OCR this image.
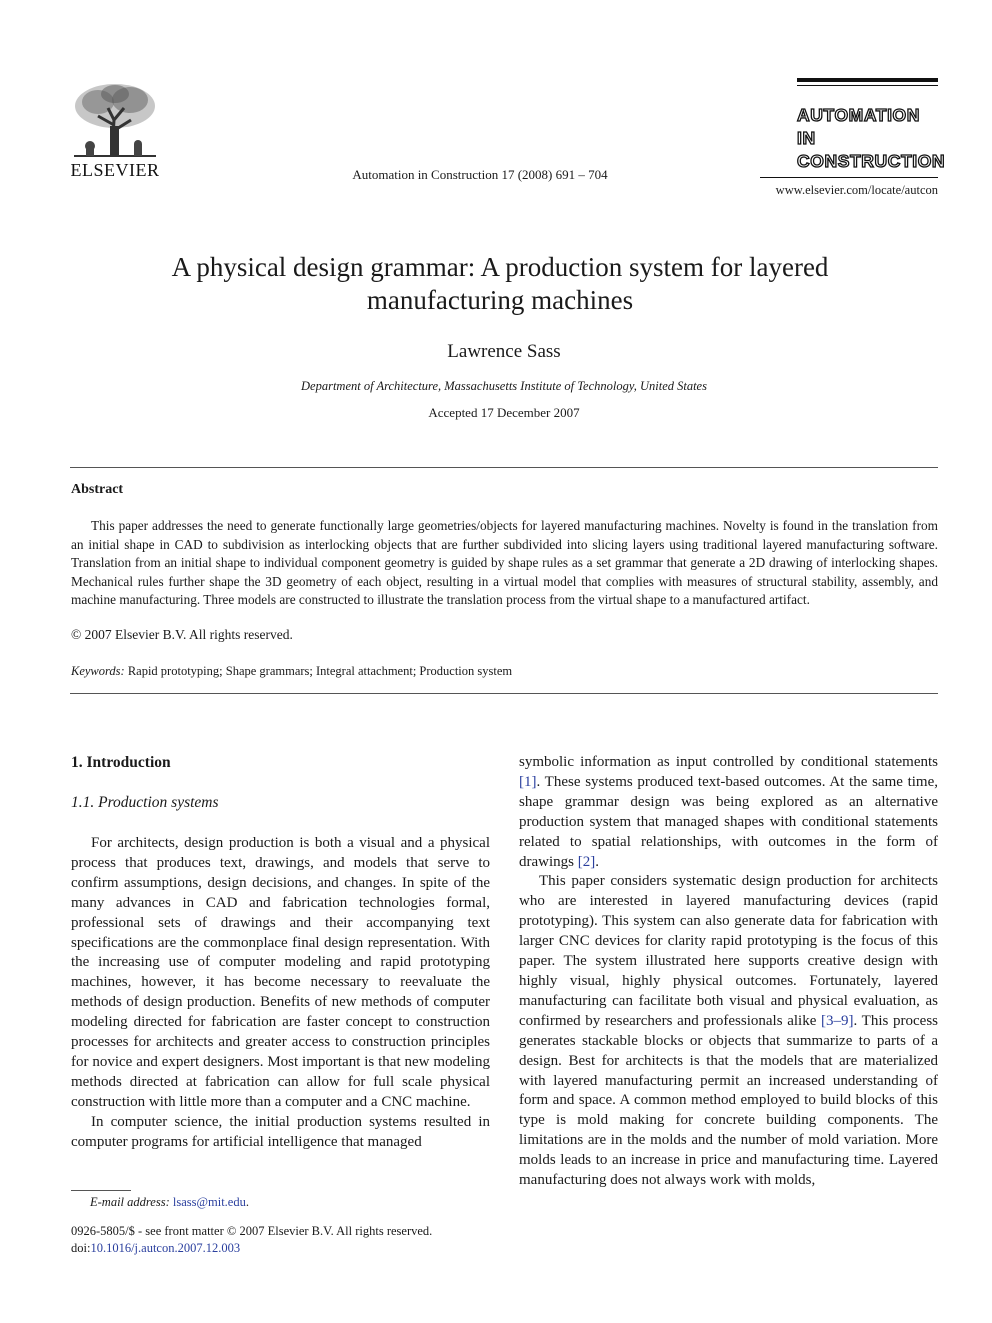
ELSEVIER	Automation in Construction 17 (2008) 691 – 704
AUTOMATION IN
CONSTRUCTION
www.elsevier.com/locate/autcon
A physical design grammar: A production system for layered manufacturing machines
Lawrence Sass
Department of Architecture, Massachusetts Institute of Technology, United States
Accepted 17 December 2007
Abstract
This paper addresses the need to generate functionally large geometries/objects for layered manufacturing machines. Novelty is found in the translation from an initial shape in CAD to subdivision as interlocking objects that are further subdivided into slicing layers using traditional layered manufacturing software. Translation from an initial shape to individual component geometry is guided by shape rules as a set grammar that generate a 2D drawing of interlocking shapes. Mechanical rules further shape the 3D geometry of each object, resulting in a virtual model that complies with measures of structural stability, assembly, and machine manufacturing. Three models are constructed to illustrate the translation process from the virtual shape to a manufactured artifact.
© 2007 Elsevier B.V. All rights reserved.
Keywords: Rapid prototyping; Shape grammars; Integral attachment; Production system
1. Introduction
1.1. Production systems

For architects, design production is both a visual and a physical process that produces text, drawings, and models that serve to confirm assumptions, design decisions, and changes. In spite of the many advances in CAD and fabrication technologies formal, professional sets of drawings and their accompanying text specifications are the commonplace final design representation. With the increasing use of computer modeling and rapid prototyping machines, however, it has become necessary to reevaluate the methods of design production. Benefits of new methods of computer modeling directed for fabrication are faster concept to construction processes for architects and greater access to construction principles for novice and expert designers. Most important is that new modeling methods directed at fabrication can allow for full scale physical construction with little more than a computer and a CNC machine.

In computer science, the initial production systems resulted in computer programs for artificial intelligence that managed

symbolic information as input controlled by conditional statements [1]. These systems produced text-based outcomes. At the same time, shape grammar design was being explored as an alternative production system that managed shapes with conditional statements related to spatial relationships, with outcomes in the form of drawings [2].

This paper considers systematic design production for architects who are interested in layered manufacturing devices (rapid prototyping). This system can also generate data for fabrication with larger CNC devices for clarity rapid prototyping is the focus of this paper. The system illustrated here supports creative design with highly visual, highly physical outcomes. Fortunately, layered manufacturing can facilitate both visual and physical evaluation, as confirmed by researchers and professionals alike [3–9]. This process generates stackable blocks or objects that summarize to parts of a design. Best for architects is that the models that are materialized with layered manufacturing permit an increased understanding of form and space. A common method employed to build blocks of this type is mold making for concrete building components. The limitations are in the molds and the number of mold variation. More molds leads to an increase in price and manufacturing time. Layered manufacturing does not always work with molds,

E-mail address: lsass@mit.edu.
0926-5805/$ - see front matter © 2007 Elsevier B.V. All rights reserved.
doi:10.1016/j.autcon.2007.12.003
